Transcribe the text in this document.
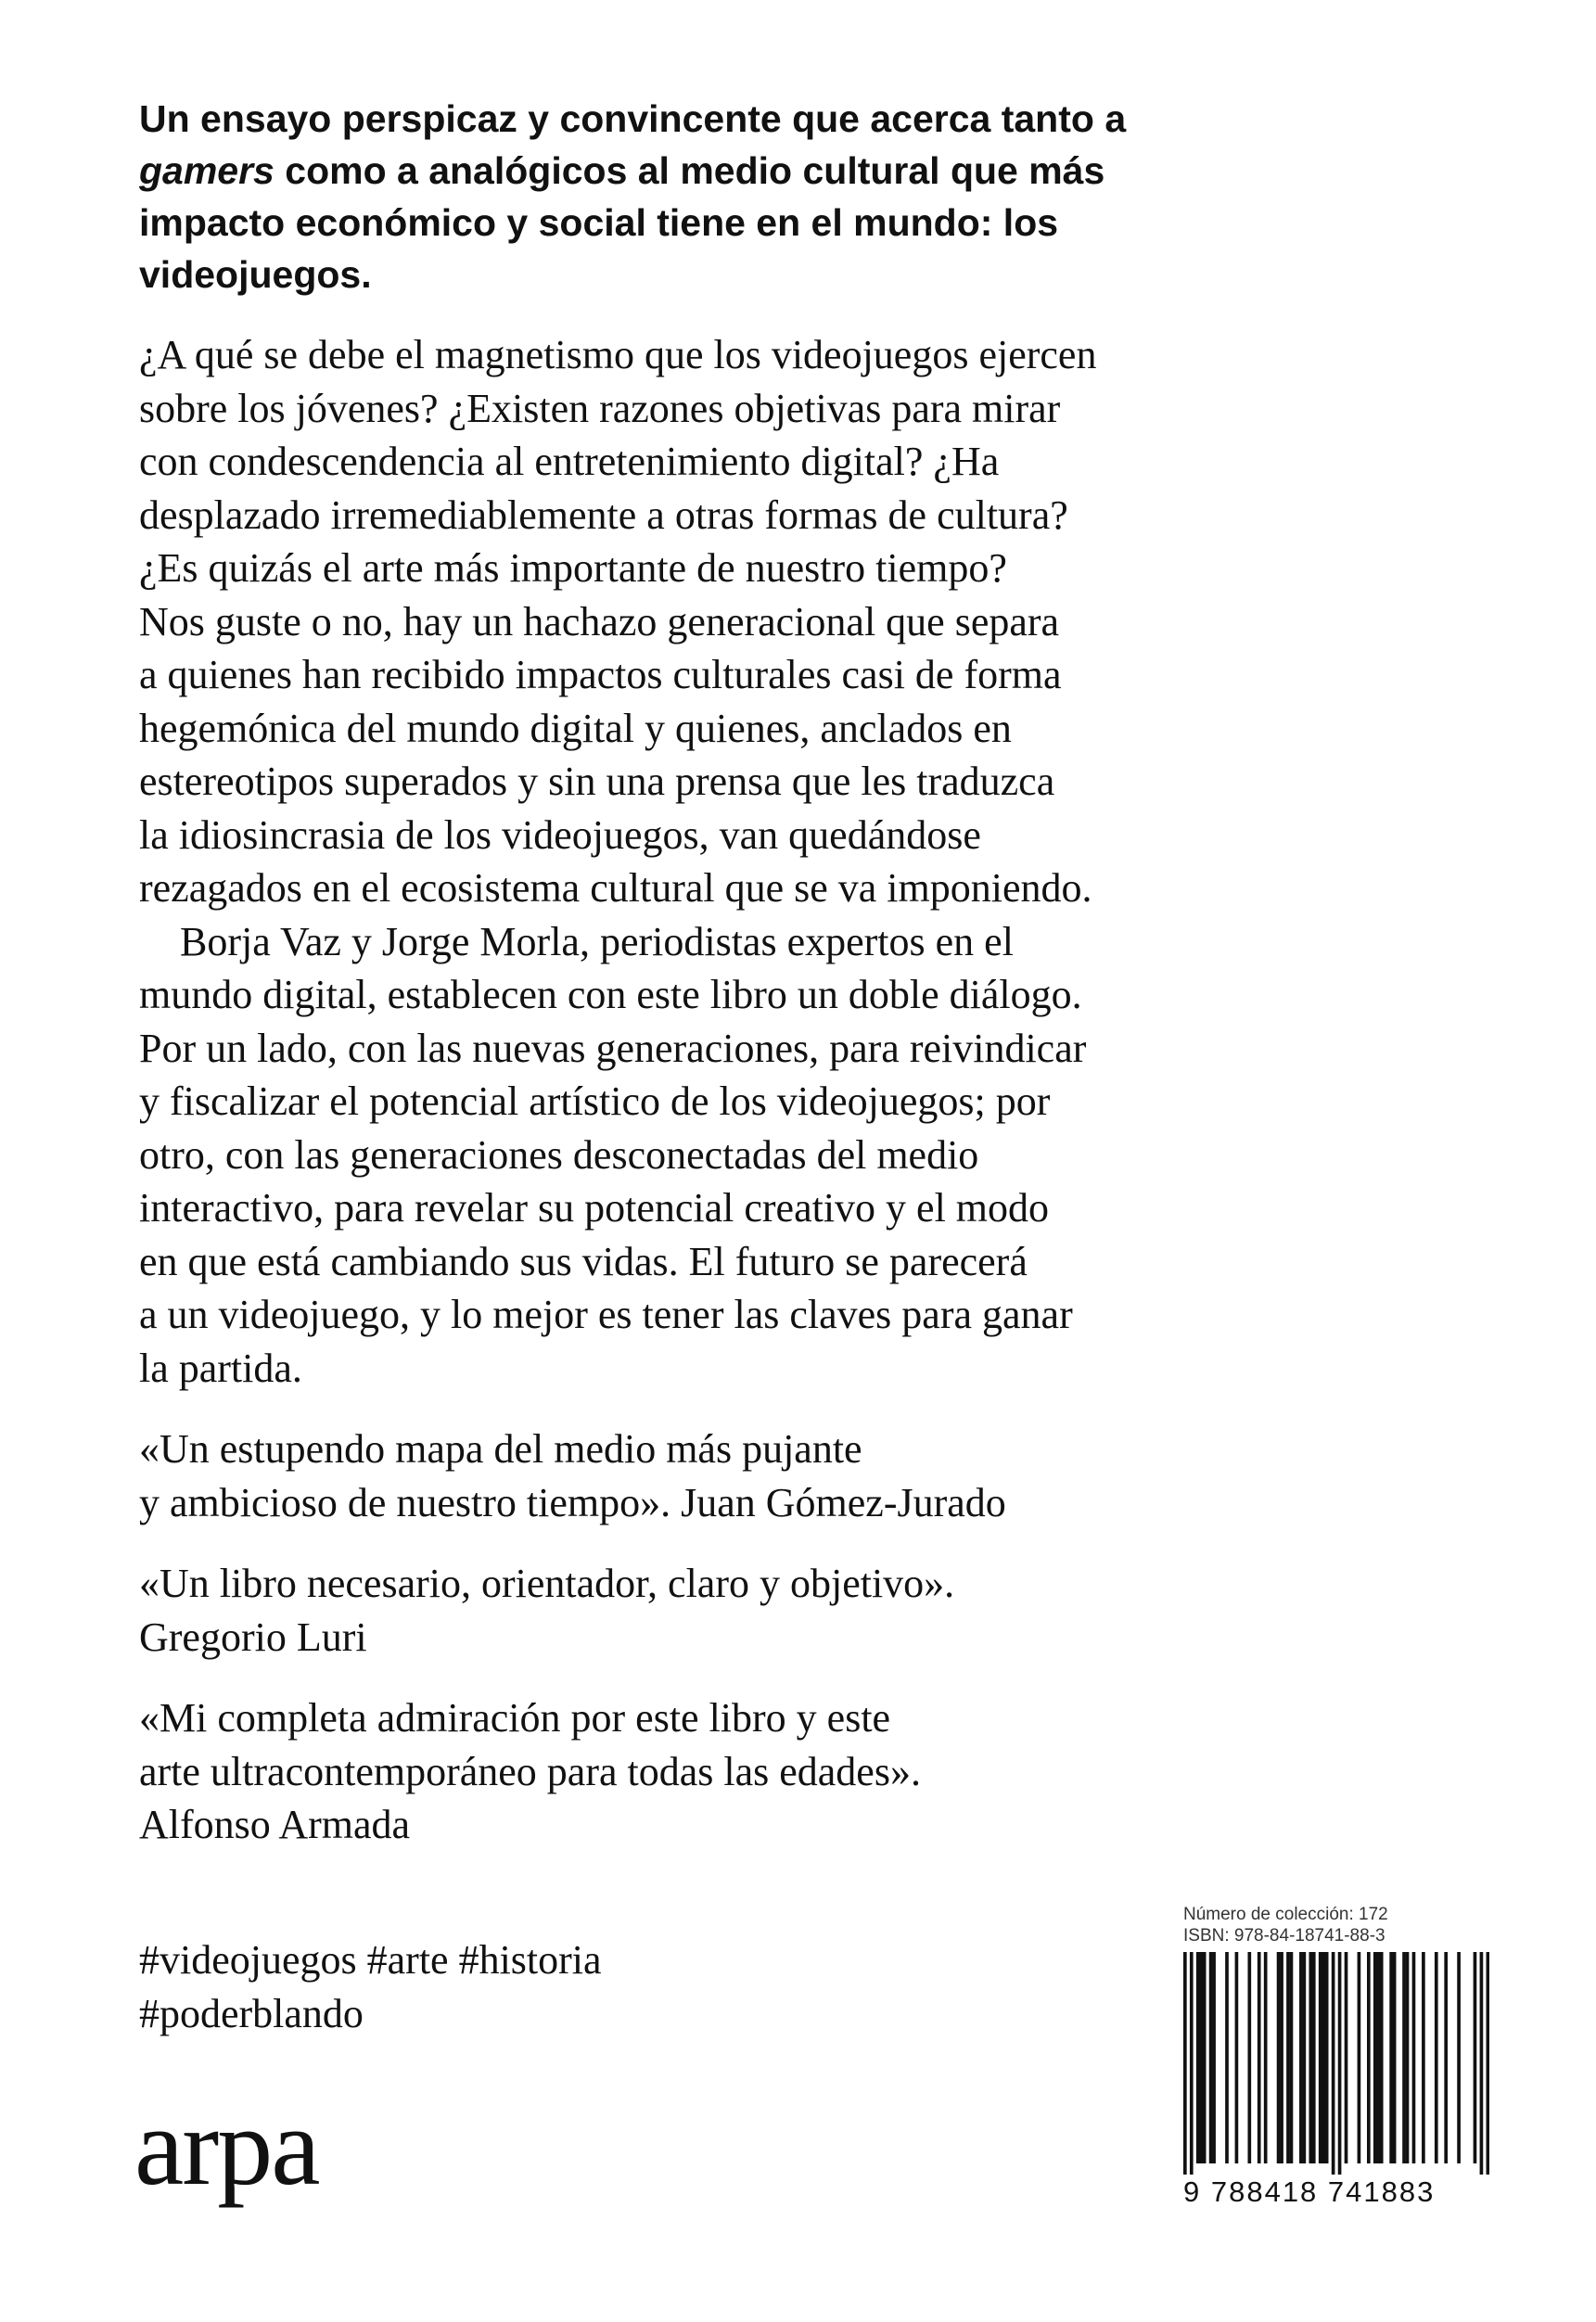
Un ensayo perspicaz y convincente que acerca tanto a gamers como a analógicos al medio cultural que más impacto económico y social tiene en el mundo: los videojuegos.

¿A qué se debe el magnetismo que los videojuegos ejercen
sobre los jóvenes? ¿Existen razones objetivas para mirar
con condescendencia al entretenimiento digital? ¿Ha
desplazado irremediablemente a otras formas de cultura?
¿Es quizás el arte más importante de nuestro tiempo?
Nos guste o no, hay un hachazo generacional que separa
a quienes han recibido impactos culturales casi de forma
hegemónica del mundo digital y quienes, anclados en
estereotipos superados y sin una prensa que les traduzca
la idiosincrasia de los videojuegos, van quedándose
rezagados en el ecosistema cultural que se va imponiendo.

Borja Vaz y Jorge Morla, periodistas expertos en el
mundo digital, establecen con este libro un doble diálogo.
Por un lado, con las nuevas generaciones, para reivindicar
y fiscalizar el potencial artístico de los videojuegos; por
otro, con las generaciones desconectadas del medio
interactivo, para revelar su potencial creativo y el modo
en que está cambiando sus vidas. El futuro se parecerá
a un videojuego, y lo mejor es tener las claves para ganar
la partida.

«Un estupendo mapa del medio más pujante
y ambicioso de nuestro tiempo». Juan Gómez-Jurado

«Un libro necesario, orientador, claro y objetivo».
Gregorio Luri

«Mi completa admiración por este libro y este
arte ultracontemporáneo para todas las edades».
Alfonso Armada

#videojuegos #arte #historia
#poderblando
arpa
Número de colección: 172
ISBN: 978-84-18741-88-3
9 788418 741883
